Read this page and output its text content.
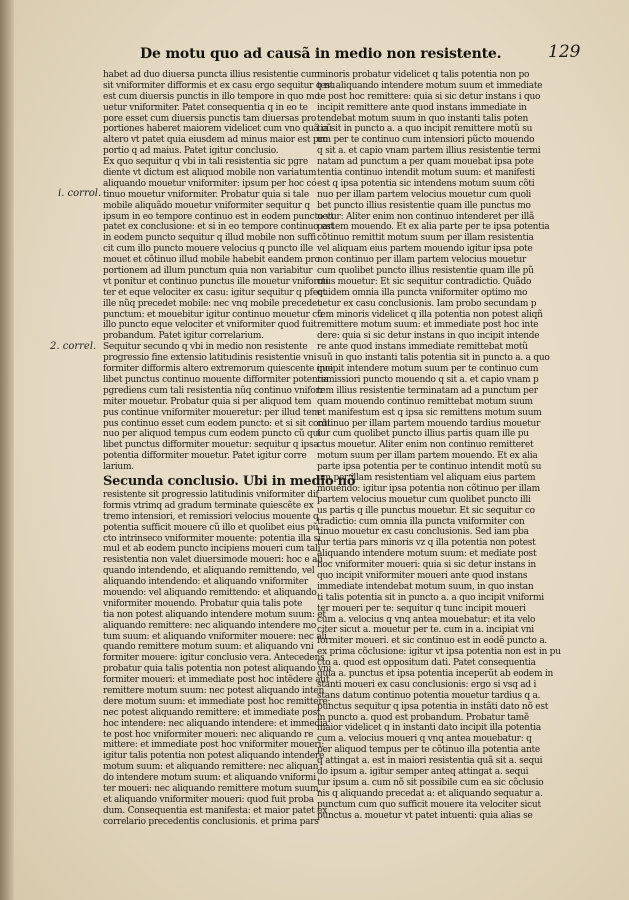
De motu quo ad causã in medio non resistente.	129
i. corrol.
2. correl.
habet ad duo diuersa puncta illius resistentie cum
sit vniformiter difformis et ex casu ergo sequitur q nu
est cum diuersis punctis in illo tempore in quo mo
uetur vniformiter. Patet consequentia q in eo te
pore esset cum diuersis punctis tam diuersas pro
portiones haberet maiorem videlicet cum vno quã cũ
altero vt patet quia eiusdem ad minus maior est pro
portio q ad maius. Patet igitur conclusio.
Ex quo sequitur q vbi in tali resistentia sic pgre
diente vt dictum est aliquod mobile non variatum
aliquando mouetur vniformiter: ipsum per hoc có
tinuo mouetur vniformiter. Probatur quia si tale
mobile aliquãdo mouetur vniformiter sequitur q
ipsum in eo tempore continuo est in eodem puncto vt
patet ex conclusione: et si in eo tempore continuo est
in eodem puncto sequitur q illud mobile non suffi
cit cum illo puncto mouere velocius q puncto ille
mouet et cõtinuo illud mobile habebit eandem pro
portionem ad illum punctum quia non variabitur
vt ponitur et continuo punctus ille mouetur vniformi
ter et eque velociter ex casu: igitur sequitur q pfect
ille nũq precedet mobile: nec vnq mobile precedet
punctum: et mouebitur igitur continuo mouetur cũ
illo puncto eque velociter et vniformiter quod fuit
probandum. Patet igitur correlarium.
Sequitur secundo q vbi in medio non resistente
progressio fine extensio latitudinis resistentie vni
formiter difformis altero extremorum quiescente que
libet punctus continuo mouente difformiter potentia
pgrediens cum tali resistentia nũq continuo vniforr
miter mouetur. Probatur quia si per aliquod tem
pus continue vniformiter moueretur: per illud tem
pus continuo esset cum eodem puncto: et si sit conti
nuo per aliquod tempus cum eodem puncto cũ qui
libet punctus difformiter mouetur: sequitur q ipsa
potentia difformiter mouetur. Patet igitur corre
larium.
Secunda conclusio. Ubi in medio nõ
resistente sit progressio latitudinis vniformiter dif
formis vtrimq ad gradum terminate quiescẽte ex
tremo intensiori, et remissiori velocius mouente q
potentia sufficit mouere cũ illo et quolibet eius pũ
cto intrinseco vniformiter mouente: potentia illa si
mul et ab eodem puncto incipiens moueri cum tali
resistentia non valet diuersimode moueri: hoc e ali
quando intendendo, et aliquando remittendo, vel
aliquando intendendo: et aliquando vniformiter
mouendo: vel aliquando remittendo: et aliquando
vniformiter mouendo. Probatur quia talis pote
tia non potest aliquando intendere motum suum: et
aliquando remittere: nec aliquando intendere mo
tum suum: et aliquando vniformiter mouere: nec ali
quando remittere motum suum: et aliquando vni
formiter mouere: igitur conclusio vera. Antecedens
probatur quia talis potentia non potest aliquando vni
formiter moueri: et immediate post hoc intẽdere aut
remittere motum suum: nec potest aliquando inten
dere motum suum: et immediate post hoc remittere:
nec potest aliquando remittere: et immediate post
hoc intendere: nec aliquando intendere: et immedia
te post hoc vniformiter moueri: nec aliquando re
mittere: et immediate post hoc vniformiter moueri:
igitur talis potentia non potest aliquando intendere
motum suum: et aliquando remittere: nec aliquan
do intendere motum suum: et aliquando vniformi
ter moueri: nec aliquando remittere motum suum,
et aliquando vniformiter moueri: quod fuit proba
dum. Consequentia est manifesta: et maior patet ex
correlario precedentis conclusionis. et prima pars
minoris probatur videlicet q talis potentia non po
test aliquando intendere motum suum et immediate
te post hoc remittere: quia si sic detur instans i quo
incipit remittere ante quod instans immediate in
tendebat motum suum in quo instanti talis poten
tia sit in puncto a. a quo incipit remittere motũ su
um per te continuo cum intensiori pũcto mouendo
q sit a. et capio vnam partem illius resistentie termi
natam ad punctum a per quam mouebat ipsa pote
tentia continuo intendit motum suum: et manifesti
est q ipsa potentia sic intendens motum suum cõti
nuo per illam partem velocius mouetur cum quoli
bet puncto illius resistentie quam ille punctus mo
uetur: Aliter enim non continuo intenderet per illã
partem mouendo. Et ex alia parte per te ipsa potentia
cõtinuo remittit motum suum per illam resistentia
vel aliquam eius partem mouendo igitur ipsa pote
non continuo per illam partem velocius mouetur
cum quolibet puncto illius resistentie quam ille pũ
ctus mouetur: Et sic sequitur contradictio. Quãdo
quidem omnia illa puncta vniformiter optimo mo
uetur ex casu conclusionis. Iam probo secundam p
tem minoris videlicet q illa potentia non potest aliqñ
remittere motum suum: et immediate post hoc inte
dere: quia si sic detur instans in quo incipit intende
re ante quod instans immediate remittebat motũ
suũ in quo instanti talis potentia sit in puncto a. a quo
incipit intendere motum suum per te continuo cum
remissiori puncto mouendo q sit a. et capio vnam p
tem illius resistentie terminatam ad a punctum per
quam mouendo continuo remittebat motum suum
et manifestum est q ipsa sic remittens motum suum
cõtinuo per illam partem mouendo tardius mouetur
tur cum quolibet puncto illius partis quam ille pu
ctus mouetur. Aliter enim non continuo remitteret
motum suum per illam partem mouendo. Et ex alia
parte ipsa potentia per te continuo intendit motũ su
um per illam resistentiam vel aliquam eius partem
mouendo: igitur ipsa potentia non cõtinuo per illam
partem velocius mouetur cum quolibet puncto illi
us partis q ille punctus mouetur. Et sic sequitur co
tradictio: cum omnia illa puncta vniformiter con
tinuo mouetur ex casu conclusionis. Sed iam pba
tur tertia pars minoris vz q illa potentia non potest
aliquando intendere motum suum: et mediate post
hoc vniformiter moueri: quia si sic detur instans in
quo incipit vniformiter moueri ante quod instans
immediate intendebat motum suum, in quo instan
ti talis potentia sit in puncto a. a quo incipit vniformi
ter moueri per te: sequitur q tunc incipit moueri
cum a. velocius q vnq antea mouebatur: et ita velo
citer sicut a. mouetur per te. cum in a. incipiat vni
formiter moueri. et sic continuo est in eodẽ puncto a.
ex prima cõclusione: igitur vt ipsa potentia non est in pu
cto a. quod est oppositum dati. Patet consequentia
quia a. punctus et ipsa potentia inceperũt ab eodem in
stanti moueri ex casu conclusionis: ergo si vsq ad i
stans datum continuo potentia mouetur tardius q a.
punctus sequitur q ipsa potentia in instãti dato nõ est
in puncto a. quod est probandum. Probatur tamẽ
maior videlicet q in instanti dato incipit illa potentia
cum a. velocius moueri q vnq antea mouebatur: q
per aliquod tempus per te cõtinuo illa potentia ante
q attingat a. est in maiori resistentia quã sit a. sequi
do ipsum a. igitur semper anteq attingat a. sequi
tur ipsum a. cum nõ sit possibile cum ea sic cõclusio
nis q aliquando precedat a: et aliquando sequatur a.
punctum cum quo sufficit mouere ita velociter sicut
punctus a. mouetur vt patet intuenti: quia alias se
